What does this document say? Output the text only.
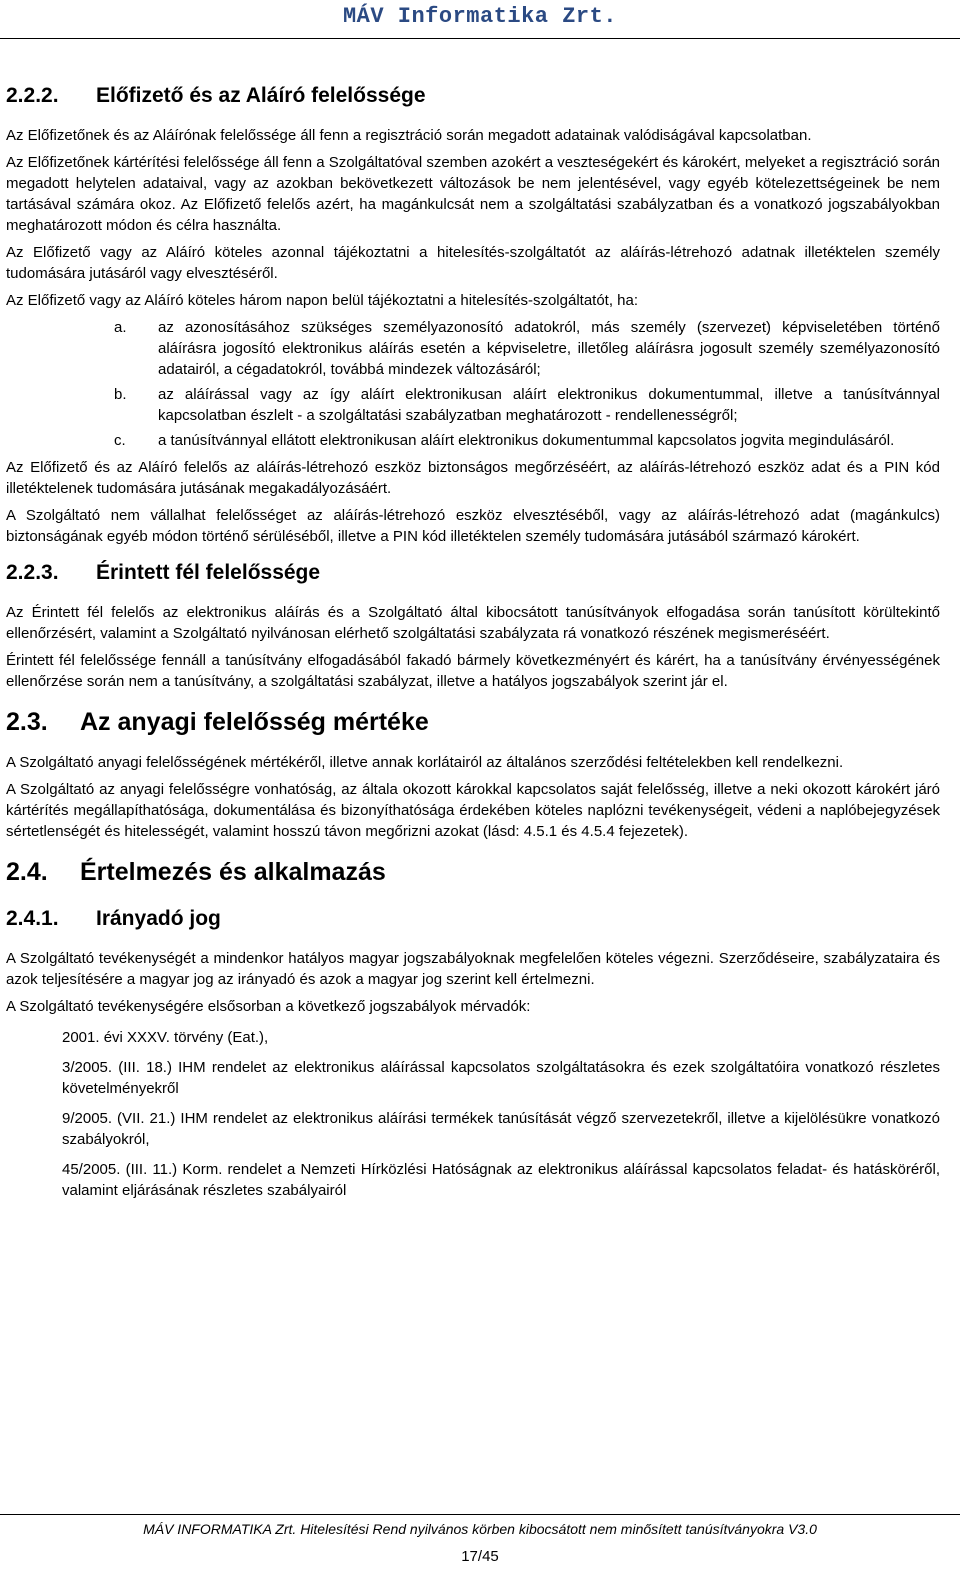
MÁV Informatika Zrt.
2.2.2.	Előfizető és az Aláíró felelőssége

Az Előfizetőnek és az Aláírónak felelőssége áll fenn a regisztráció során megadott adatainak valódiságával kapcsolatban.

Az Előfizetőnek kártérítési felelőssége áll fenn a Szolgáltatóval szemben azokért a veszteségekért és károkért, melyeket a regisztráció során megadott helytelen adataival, vagy az azokban bekövetkezett változások be nem jelentésével, vagy egyéb kötelezettségeinek be nem tartásával számára okoz. Az Előfizető felelős azért, ha magánkulcsát nem a szolgáltatási szabályzatban és a vonatkozó jogszabályokban meghatározott módon és célra használta.

Az Előfizető vagy az Aláíró köteles azonnal tájékoztatni a hitelesítés-szolgáltatót az aláírás-létrehozó adatnak illetéktelen személy tudomására jutásáról vagy elvesztéséről.

Az Előfizető vagy az Aláíró köteles három napon belül tájékoztatni a hitelesítés-szolgáltatót, ha:

a.	az azonosításához szükséges személyazonosító adatokról, más személy (szervezet) képviseletében történő aláírásra jogosító elektronikus aláírás esetén a képviseletre, illetőleg aláírásra jogosult személy személyazonosító adatairól, a cégadatokról, továbbá mindezek változásáról;
b.	az aláírással vagy az így aláírt elektronikusan aláírt elektronikus dokumentummal, illetve a tanúsítvánnyal kapcsolatban észlelt - a szolgáltatási szabályzatban meghatározott - rendellenességről;
c.	a tanúsítvánnyal ellátott elektronikusan aláírt elektronikus dokumentummal kapcsolatos jogvita megindulásáról.

Az Előfizető és az Aláíró felelős az aláírás-létrehozó eszköz biztonságos megőrzéséért, az aláírás-létrehozó eszköz adat és a PIN kód illetéktelenek tudomására jutásának megakadályozásáért.

A Szolgáltató nem vállalhat felelősséget az aláírás-létrehozó eszköz elvesztéséből, vagy az aláírás-létrehozó adat (magánkulcs) biztonságának egyéb módon történő sérüléséből, illetve a PIN kód illetéktelen személy tudomására jutásából származó károkért.

2.2.3.	Érintett fél felelőssége

Az Érintett fél felelős az elektronikus aláírás és a Szolgáltató által kibocsátott tanúsítványok elfogadása során tanúsított körültekintő ellenőrzésért, valamint a Szolgáltató nyilvánosan elérhető szolgáltatási szabályzata rá vonatkozó részének megismeréséért.

Érintett fél felelőssége fennáll a tanúsítvány elfogadásából fakadó bármely következményért és kárért, ha a tanúsítvány érvényességének ellenőrzése során nem a tanúsítvány, a szolgáltatási szabályzat, illetve a hatályos jogszabályok szerint jár el.

2.3.	Az anyagi felelősség mértéke

A Szolgáltató anyagi felelősségének mértékéről, illetve annak korlátairól az általános szerződési feltételekben kell rendelkezni.

A Szolgáltató az anyagi felelősségre vonhatóság, az általa okozott károkkal kapcsolatos saját felelősség, illetve a neki okozott károkért járó kártérítés megállapíthatósága, dokumentálása és bizonyíthatósága érdekében köteles naplózni tevékenységeit, védeni a naplóbejegyzések sértetlenségét és hitelességét, valamint hosszú távon megőrizni azokat (lásd: 4.5.1 és 4.5.4 fejezetek).

2.4.	Értelmezés és alkalmazás
2.4.1.	Irányadó jog

A Szolgáltató tevékenységét a mindenkor hatályos magyar jogszabályoknak megfelelően köteles végezni. Szerződéseire, szabályzataira és azok teljesítésére a magyar jog az irányadó és azok a magyar jog szerint kell értelmezni.

A Szolgáltató tevékenységére elsősorban a következő jogszabályok mérvadók:

2001. évi XXXV. törvény (Eat.),

3/2005. (III. 18.) IHM rendelet az elektronikus aláírással kapcsolatos szolgáltatásokra és ezek szolgáltatóira vonatkozó részletes követelményekről

9/2005. (VII. 21.) IHM rendelet az elektronikus aláírási termékek tanúsítását végző szervezetekről, illetve a kijelölésükre vonatkozó szabályokról,

45/2005. (III. 11.) Korm. rendelet a Nemzeti Hírközlési Hatóságnak az elektronikus aláírással kapcsolatos feladat- és hatásköréről, valamint eljárásának részletes szabályairól

MÁV INFORMATIKA Zrt. Hitelesítési Rend nyilvános körben kibocsátott nem minősített tanúsítványokra V3.0
17/45
